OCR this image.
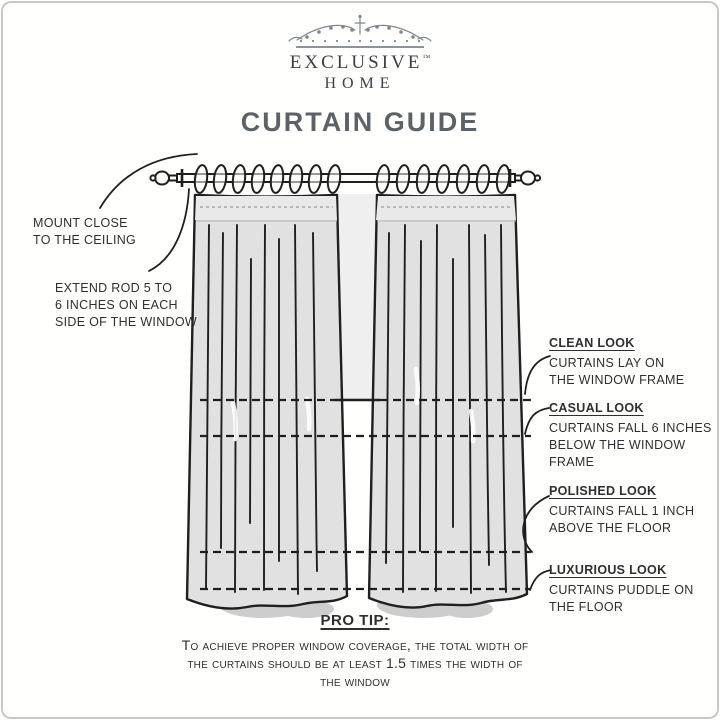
EXCLUSIVE™
HOME
CURTAIN GUIDE
MOUNT CLOSE
TO THE CEILING
EXTEND ROD 5 TO
6 INCHES ON EACH
SIDE OF THE WINDOW
CLEAN LOOK
CURTAINS LAY ON
THE WINDOW FRAME
CASUAL LOOK
CURTAINS FALL 6 INCHES
BELOW THE WINDOW
FRAME
POLISHED LOOK
CURTAINS FALL 1 INCH
ABOVE THE FLOOR
LUXURIOUS LOOK
CURTAINS PUDDLE ON
THE FLOOR
PRO TIP:

To achieve proper window coverage, the total width of the curtains should be at least 1.5 times the width of the window
